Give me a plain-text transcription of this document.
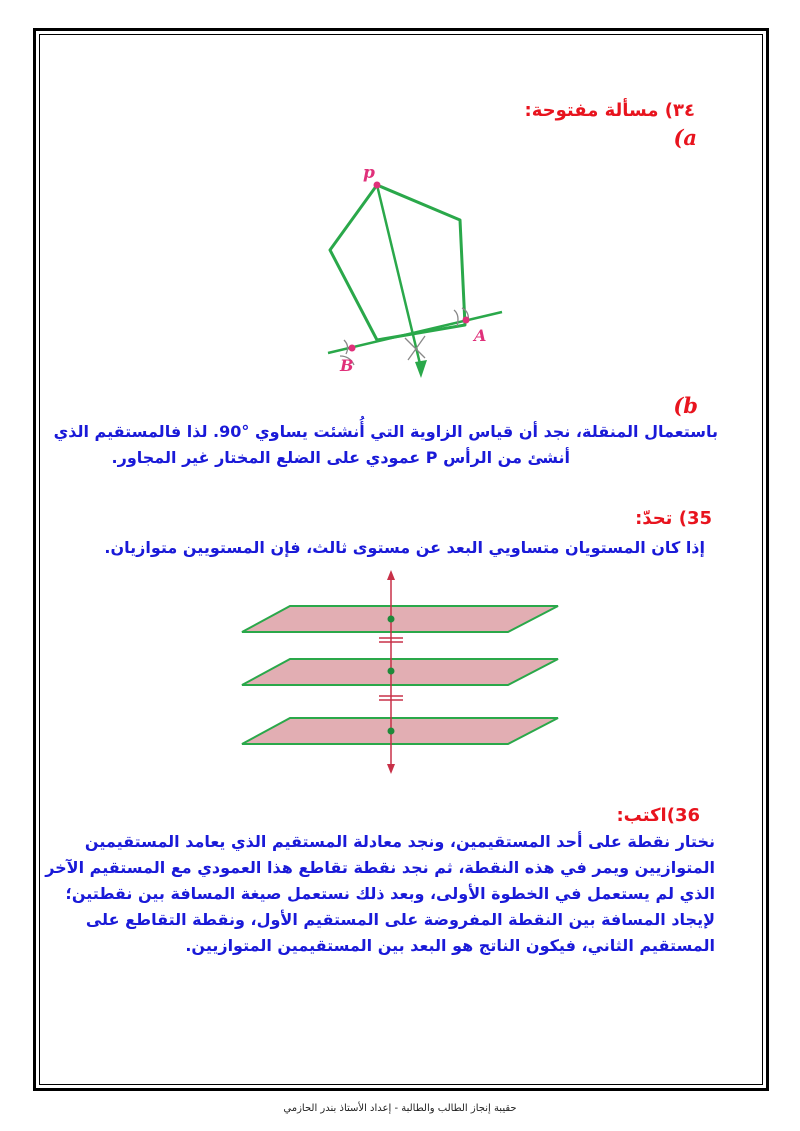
٣٤) مسألة مفتوحة:
(a
p
A
B
(b
باستعمال المنقلة، نجد أن قياس الزاوية التي أُنشئت يساوي °90. لذا فالمستقيم الذي
أنشئ من الرأس P عمودي على الضلع المختار غير المجاور.
35) تحدّ:
إذا كان المستويان متساويي البعد عن مستوى ثالث، فإن المستويين متوازيان.
36)اكتب:
نختار نقطة على أحد المستقيمين، ونجد معادلة المستقيم الذي يعامد المستقيمين
المتوازيين ويمر في هذه النقطة، ثم نجد نقطة تقاطع هذا العمودي مع المستقيم الآخر
الذي لم يستعمل في الخطوة الأولى، وبعد ذلك نستعمل صيغة المسافة بين نقطتين؛
لإيجاد المسافة بين النقطة المفروضة على المستقيم الأول، ونقطة التقاطع على
المستقيم الثاني، فيكون الناتج هو البعد بين المستقيمين المتوازيين.
حقيبة إنجاز الطالب والطالبة - إعداد الأستاذ بندر الحازمي
